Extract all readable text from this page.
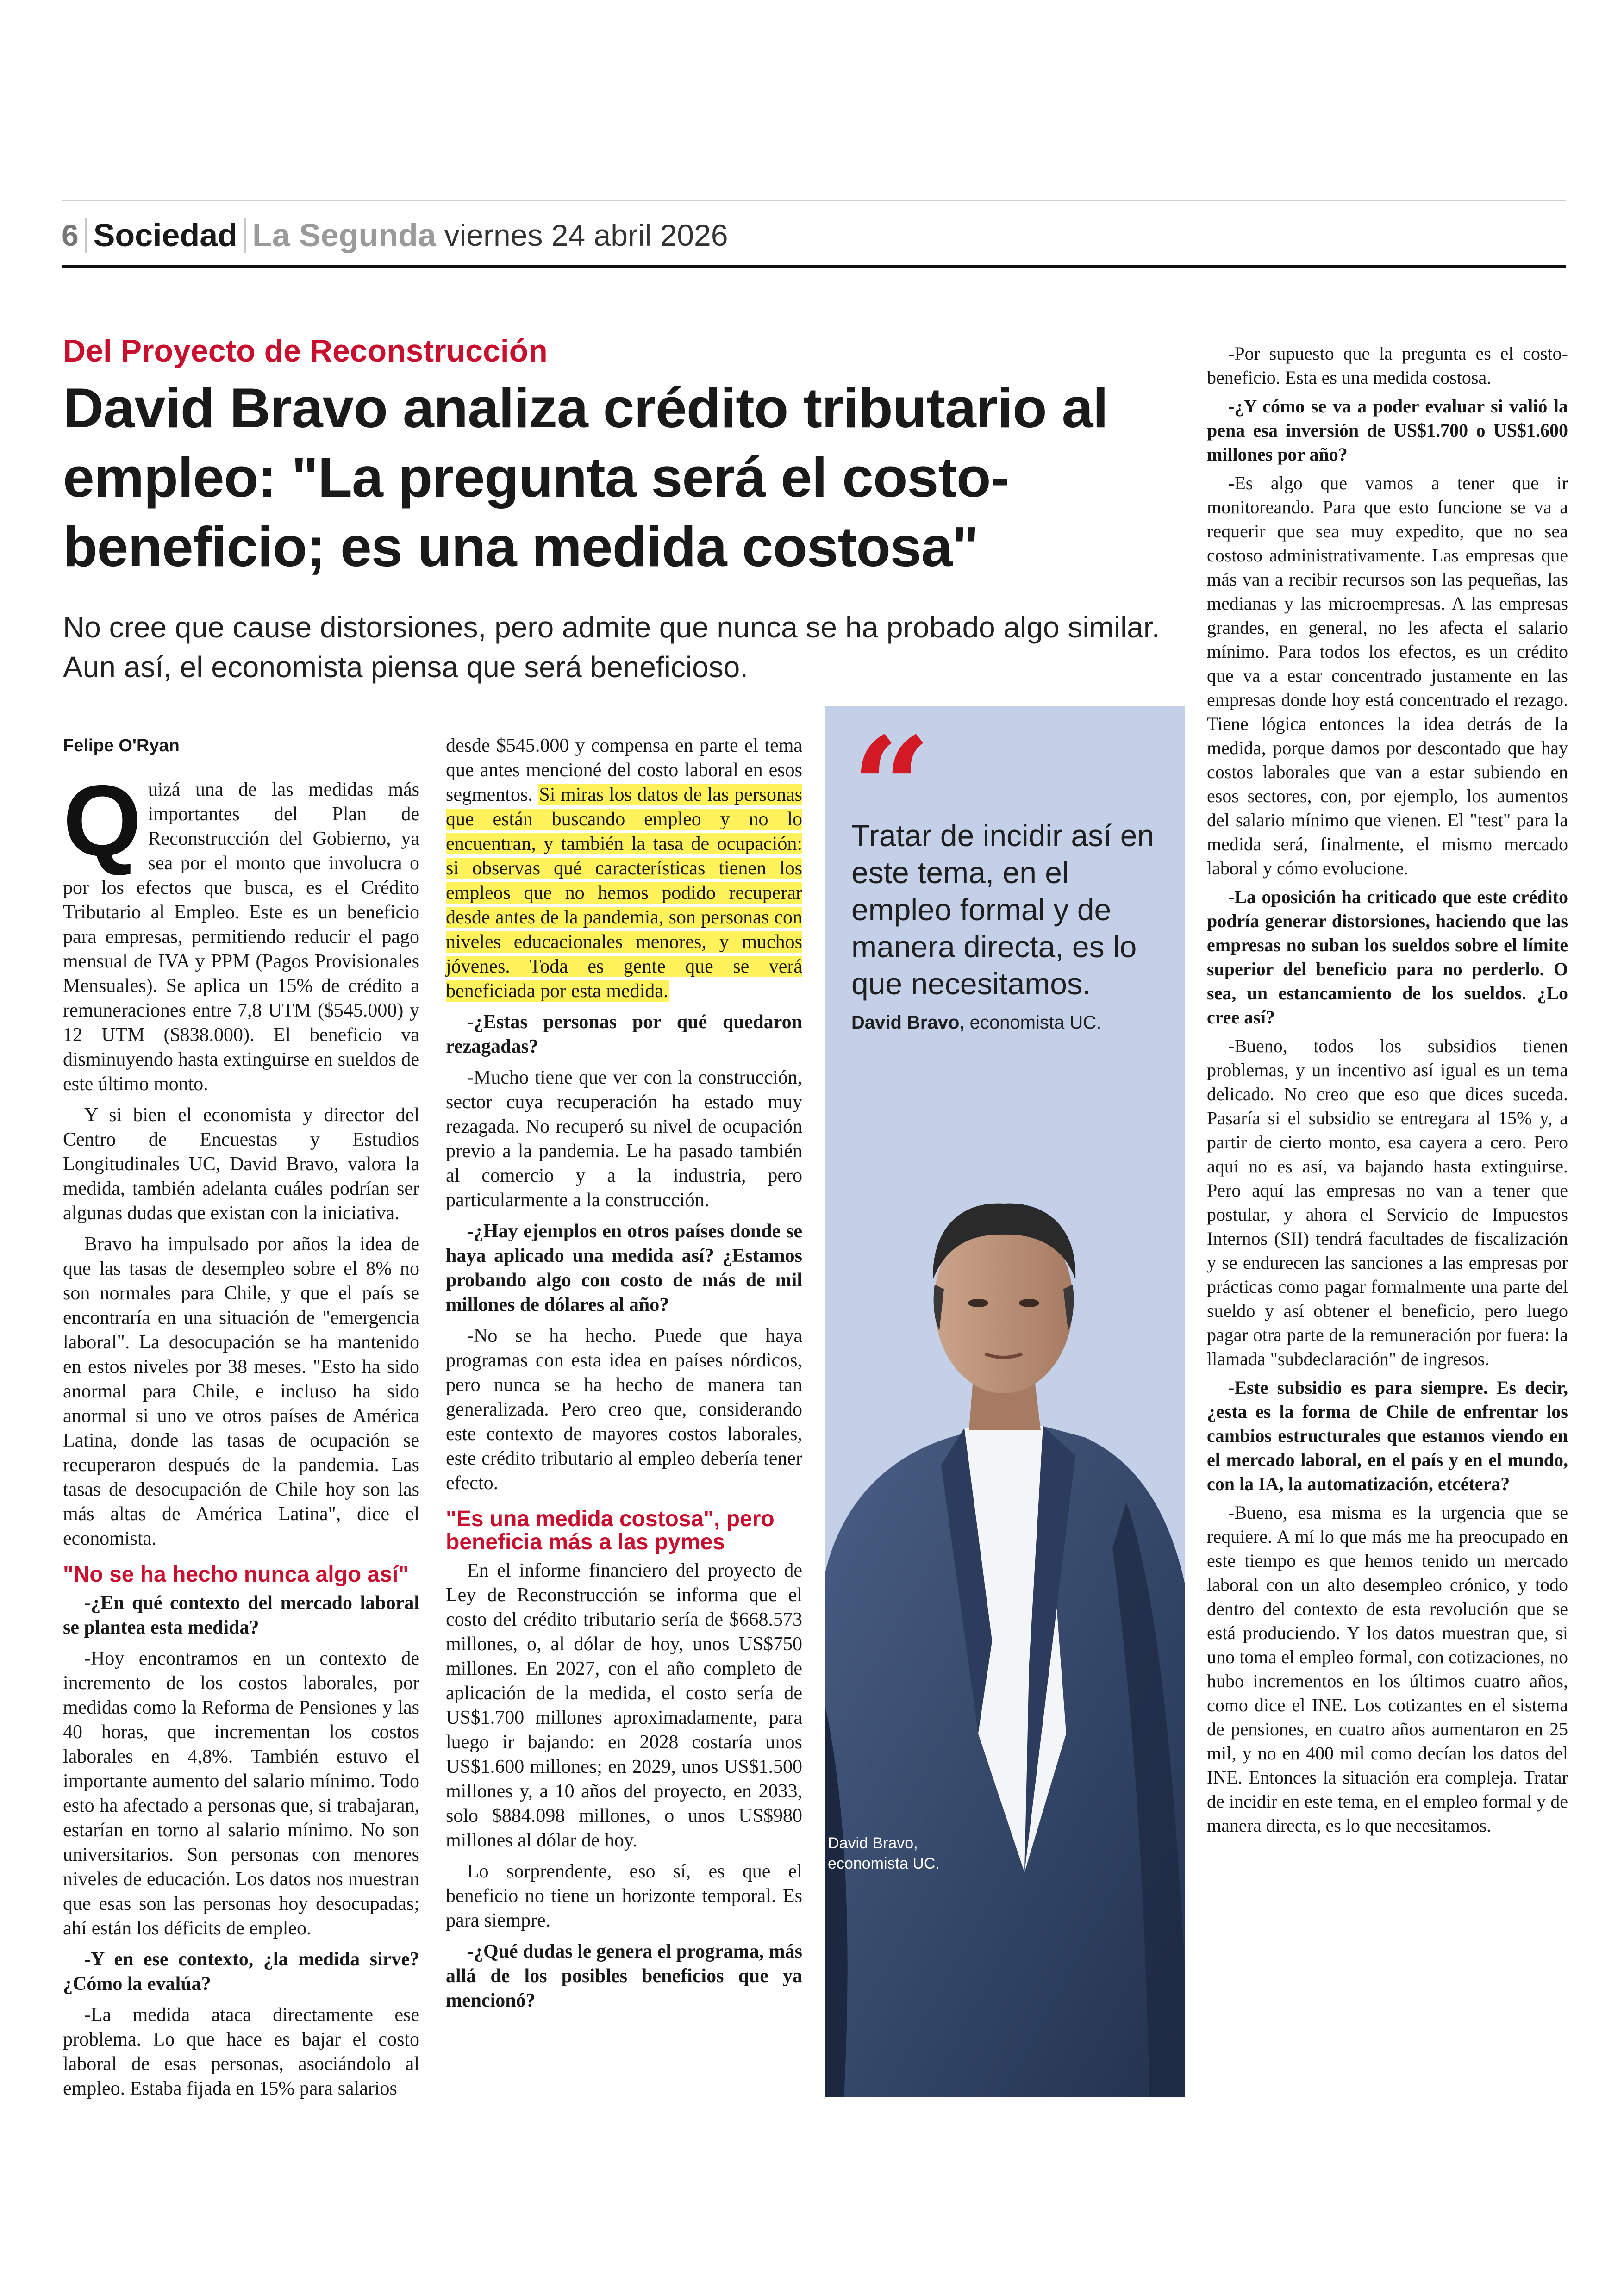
6 Sociedad La Segunda viernes 24 abril 2026
Del Proyecto de Reconstrucción
David Bravo analiza crédito tributario al empleo: "La pregunta será el costo-beneficio; es una medida costosa"
No cree que cause distorsiones, pero admite que nunca se ha probado algo similar. Aun así, el economista piensa que será beneficioso.
Felipe O'Ryan

Quizá una de las medidas más importantes del Plan de Reconstrucción del Gobierno, ya sea por el monto que involucra o por los efectos que busca, es el Crédito Tributario al Empleo. Este es un beneficio para empresas, permitiendo reducir el pago mensual de IVA y PPM (Pagos Provisionales Mensuales). Se aplica un 15% de crédito a remuneraciones entre 7,8 UTM ($545.000) y 12 UTM ($838.000). El beneficio va disminuyendo hasta extinguirse en sueldos de este último monto.

Y si bien el economista y director del Centro de Encuestas y Estudios Longitudinales UC, David Bravo, valora la medida, también adelanta cuáles podrían ser algunas dudas que existan con la iniciativa.

Bravo ha impulsado por años la idea de que las tasas de desempleo sobre el 8% no son normales para Chile, y que el país se encontraría en una situación de "emergencia laboral". La desocupación se ha mantenido en estos niveles por 38 meses. "Esto ha sido anormal para Chile, e incluso ha sido anormal si uno ve otros países de América Latina, donde las tasas de ocupación se recuperaron después de la pandemia. Las tasas de desocupación de Chile hoy son las más altas de América Latina", dice el economista.

"No se ha hecho nunca algo así"

-¿En qué contexto del mercado laboral se plantea esta medida?

-Hoy encontramos en un contexto de incremento de los costos laborales, por medidas como la Reforma de Pensiones y las 40 horas, que incrementan los costos laborales en 4,8%. También estuvo el importante aumento del salario mínimo. Todo esto ha afectado a personas que, si trabajaran, estarían en torno al salario mínimo. No son universitarios. Son personas con menores niveles de educación. Los datos nos muestran que esas son las personas hoy desocupadas; ahí están los déficits de empleo.

-Y en ese contexto, ¿la medida sirve? ¿Cómo la evalúa?

-La medida ataca directamente ese problema. Lo que hace es bajar el costo laboral de esas personas, asociándolo al empleo. Estaba fijada en 15% para salarios

desde $545.000 y compensa en parte el tema que antes mencioné del costo laboral en esos segmentos. Si miras los datos de las personas que están buscando empleo y no lo encuentran, y también la tasa de ocupación: si observas qué características tienen los empleos que no hemos podido recuperar desde antes de la pandemia, son personas con niveles educacionales menores, y muchos jóvenes. Toda es gente que se verá beneficiada por esta medida.

-¿Estas personas por qué quedaron rezagadas?

-Mucho tiene que ver con la construcción, sector cuya recuperación ha estado muy rezagada. No recuperó su nivel de ocupación previo a la pandemia. Le ha pasado también al comercio y a la industria, pero particularmente a la construcción.

-¿Hay ejemplos en otros países donde se haya aplicado una medida así? ¿Estamos probando algo con costo de más de mil millones de dólares al año?

-No se ha hecho. Puede que haya programas con esta idea en países nórdicos, pero nunca se ha hecho de manera tan generalizada. Pero creo que, considerando este contexto de mayores costos laborales, este crédito tributario al empleo debería tener efecto.

"Es una medida costosa", pero beneficia más a las pymes

En el informe financiero del proyecto de Ley de Reconstrucción se informa que el costo del crédito tributario sería de $668.573 millones, o, al dólar de hoy, unos US$750 millones. En 2027, con el año completo de aplicación de la medida, el costo sería de US$1.700 millones aproximadamente, para luego ir bajando: en 2028 costaría unos US$1.600 millones; en 2029, unos US$1.500 millones y, a 10 años del proyecto, en 2033, solo $884.098 millones, o unos US$980 millones al dólar de hoy.

Lo sorprendente, eso sí, es que el beneficio no tiene un horizonte temporal. Es para siempre.

-¿Qué dudas le genera el programa, más allá de los posibles beneficios que ya mencionó?

“
Tratar de incidir así en este tema, en el empleo formal y de manera directa, es lo que necesitamos.
David Bravo, economista UC.
David Bravo,
economista UC.

-Por supuesto que la pregunta es el costo-beneficio. Esta es una medida costosa.

-¿Y cómo se va a poder evaluar si valió la pena esa inversión de US$1.700 o US$1.600 millones por año?

-Es algo que vamos a tener que ir monitoreando. Para que esto funcione se va a requerir que sea muy expedito, que no sea costoso administrativamente. Las empresas que más van a recibir recursos son las pequeñas, las medianas y las microempresas. A las empresas grandes, en general, no les afecta el salario mínimo. Para todos los efectos, es un crédito que va a estar concentrado justamente en las empresas donde hoy está concentrado el rezago. Tiene lógica entonces la idea detrás de la medida, porque damos por descontado que hay costos laborales que van a estar subiendo en esos sectores, con, por ejemplo, los aumentos del salario mínimo que vienen. El "test" para la medida será, finalmente, el mismo mercado laboral y cómo evolucione.

-La oposición ha criticado que este crédito podría generar distorsiones, haciendo que las empresas no suban los sueldos sobre el límite superior del beneficio para no perderlo. O sea, un estancamiento de los sueldos. ¿Lo cree así?

-Bueno, todos los subsidios tienen problemas, y un incentivo así igual es un tema delicado. No creo que eso que dices suceda. Pasaría si el subsidio se entregara al 15% y, a partir de cierto monto, esa cayera a cero. Pero aquí no es así, va bajando hasta extinguirse. Pero aquí las empresas no van a tener que postular, y ahora el Servicio de Impuestos Internos (SII) tendrá facultades de fiscalización y se endurecen las sanciones a las empresas por prácticas como pagar formalmente una parte del sueldo y así obtener el beneficio, pero luego pagar otra parte de la remuneración por fuera: la llamada "subdeclaración" de ingresos.

-Este subsidio es para siempre. Es decir, ¿esta es la forma de Chile de enfrentar los cambios estructurales que estamos viendo en el mercado laboral, en el país y en el mundo, con la IA, la automatización, etcétera?

-Bueno, esa misma es la urgencia que se requiere. A mí lo que más me ha preocupado en este tiempo es que hemos tenido un mercado laboral con un alto desempleo crónico, y todo dentro del contexto de esta revolución que se está produciendo. Y los datos muestran que, si uno toma el empleo formal, con cotizaciones, no hubo incrementos en los últimos cuatro años, como dice el INE. Los cotizantes en el sistema de pensiones, en cuatro años aumentaron en 25 mil, y no en 400 mil como decían los datos del INE. Entonces la situación era compleja. Tratar de incidir en este tema, en el empleo formal y de manera directa, es lo que necesitamos.
